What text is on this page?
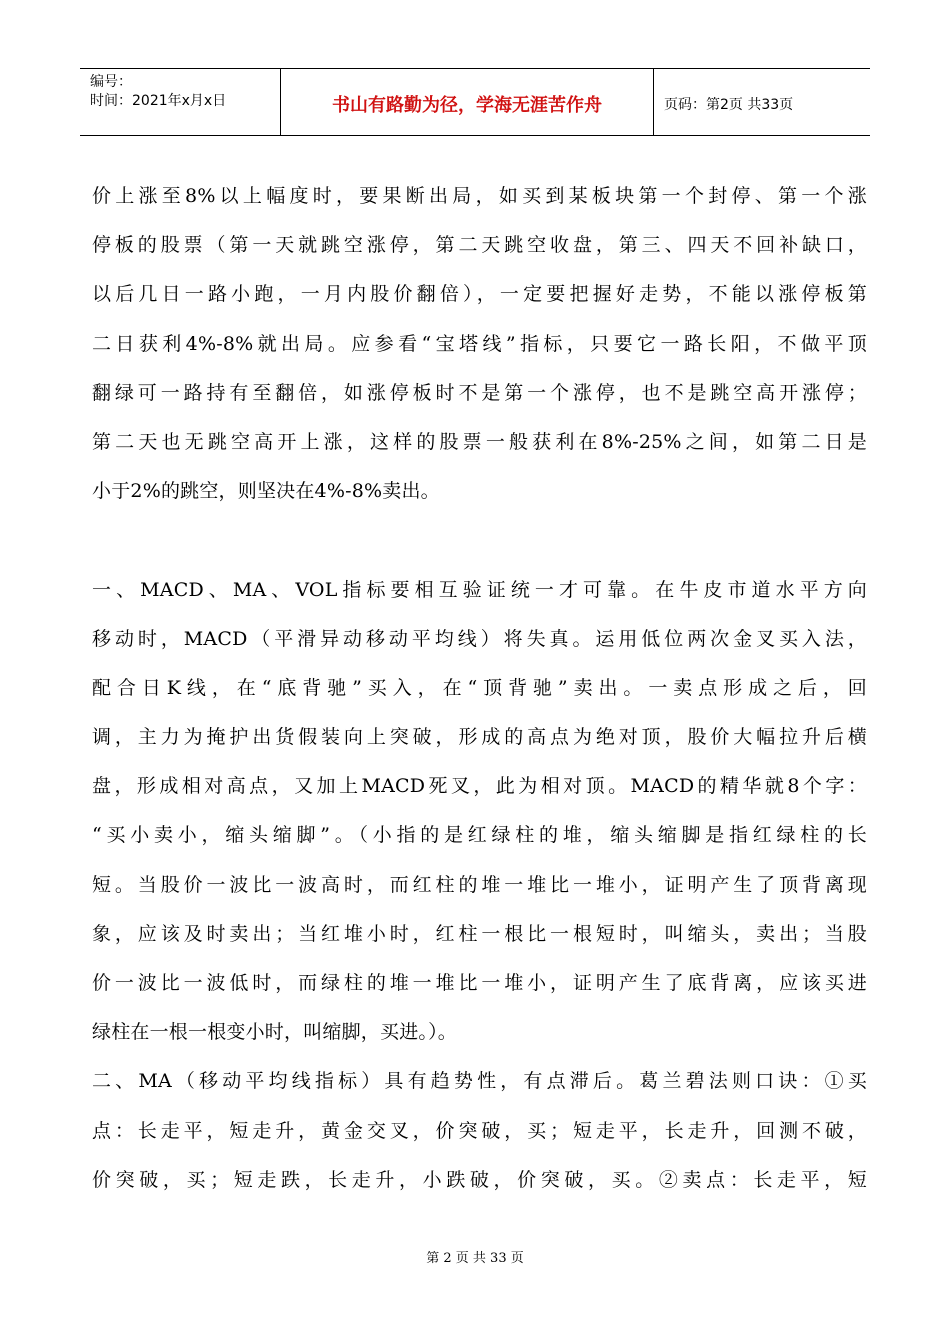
编号：
时间：2021年x月x日	书山有路勤为径，学海无涯苦作舟	页码：第2页 共33页
价上涨至8%以上幅度时，要果断出局，如买到某板块第一个封停、第一个涨
停板的股票（第一天就跳空涨停，第二天跳空收盘，第三、四天不回补缺口，
以后几日一路小跑，一月内股价翻倍），一定要把握好走势，不能以涨停板第
二日获利4%-8%就出局。应参看“宝塔线”指标，只要它一路长阳，不做平顶
翻绿可一路持有至翻倍，如涨停板时不是第一个涨停，也不是跳空高开涨停；
第二天也无跳空高开上涨，这样的股票一般获利在8%-25%之间，如第二日是
小于2%的跳空，则坚决在4%-8%卖出。
一、MACD、MA、VOL指标要相互验证统一才可靠。在牛皮市道水平方向
移动时，MACD（平滑异动移动平均线）将失真。运用低位两次金叉买入法，
配合日K线，在“底背驰”买入，在“顶背驰”卖出。一卖点形成之后，回
调，主力为掩护出货假装向上突破，形成的高点为绝对顶，股价大幅拉升后横
盘，形成相对高点，又加上MACD死叉，此为相对顶。MACD的精华就8个字：
“买小卖小，缩头缩脚”。（小指的是红绿柱的堆，缩头缩脚是指红绿柱的长
短。当股价一波比一波高时，而红柱的堆一堆比一堆小，证明产生了顶背离现
象，应该及时卖出；当红堆小时，红柱一根比一根短时，叫缩头，卖出；当股
价一波比一波低时，而绿柱的堆一堆比一堆小，证明产生了底背离，应该买进
绿柱在一根一根变小时，叫缩脚，买进。）。
二、MA（移动平均线指标）具有趋势性，有点滞后。葛兰碧法则口诀：①买
点：长走平，短走升，黄金交叉，价突破，买；短走平，长走升，回测不破，
价突破，买；短走跌，长走升，小跌破，价突破，买。②卖点：长走平，短
第 2 页 共 33 页
